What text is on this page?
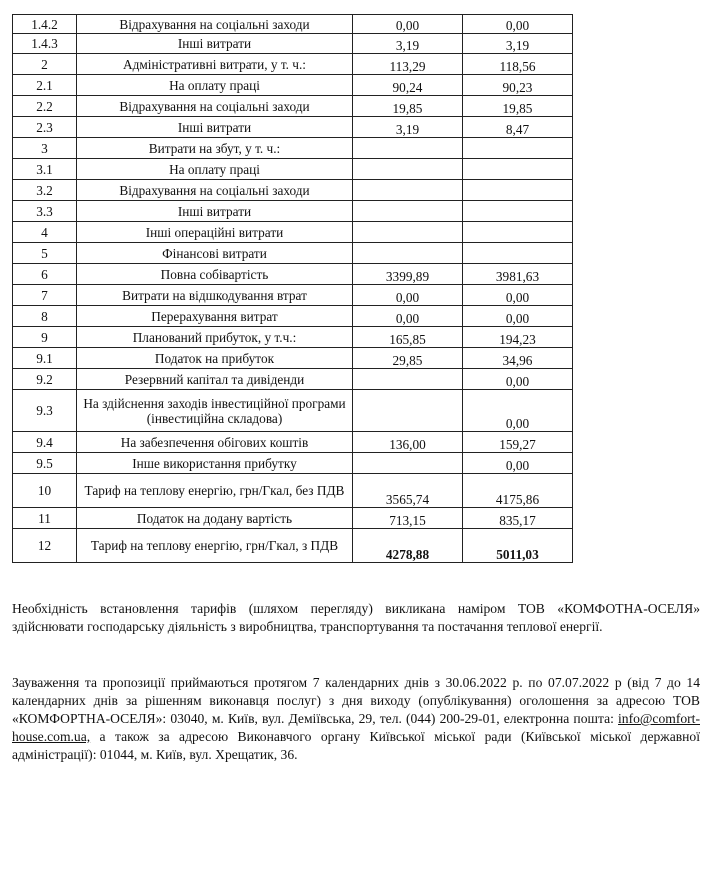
1.4.2	Відрахування на соціальні заходи	0,00	0,00
1.4.3	Інші витрати	3,19	3,19
2	Адміністративні витрати, у т. ч.:	113,29	118,56
2.1	На оплату праці	90,24	90,23
2.2	Відрахування на соціальні заходи	19,85	19,85
2.3	Інші витрати	3,19	8,47
3	Витрати на збут, у т. ч.:		
3.1	На оплату праці		
3.2	Відрахування на соціальні заходи		
3.3	Інші витрати		
4	Інші операційні витрати		
5	Фінансові витрати		
6	Повна собівартість	3399,89	3981,63
7	Витрати на відшкодування втрат	0,00	0,00
8	Перерахування витрат	0,00	0,00
9	Планований прибуток, у т.ч.:	165,85	194,23
9.1	Податок на прибуток	29,85	34,96
9.2	Резервний капітал та дивіденди		0,00
9.3	На здійснення заходів інвестиційної програми (інвестиційна складова)		0,00
9.4	На забезпечення обігових коштів	136,00	159,27
9.5	Інше використання прибутку		0,00
10	Тариф на теплову енергію, грн/Гкал, без ПДВ	3565,74	4175,86
11	Податок на додану вартість	713,15	835,17
12	Тариф на теплову енергію, грн/Гкал, з ПДВ	4278,88	5011,03

Необхідність встановлення тарифів (шляхом перегляду) викликана наміром ТОВ «КОМФОТНА-ОСЕЛЯ» здійснювати господарську діяльність з виробництва, транспортування та постачання теплової енергії.

Зауваження та пропозиції приймаються протягом 7 календарних днів з 30.06.2022 р. по 07.07.2022 р (від 7 до 14 календарних днів за рішенням виконавця послуг) з дня виходу (опублікування) оголошення за адресою ТОВ «КОМФОРТНА-ОСЕЛЯ»: 03040, м. Київ, вул. Деміївська, 29, тел. (044) 200-29-01, електронна пошта: info@comfort-house.com.ua, а також за адресою Виконавчого органу Київської міської ради (Київської міської державної адміністрації): 01044, м. Київ, вул. Хрещатик, 36.
